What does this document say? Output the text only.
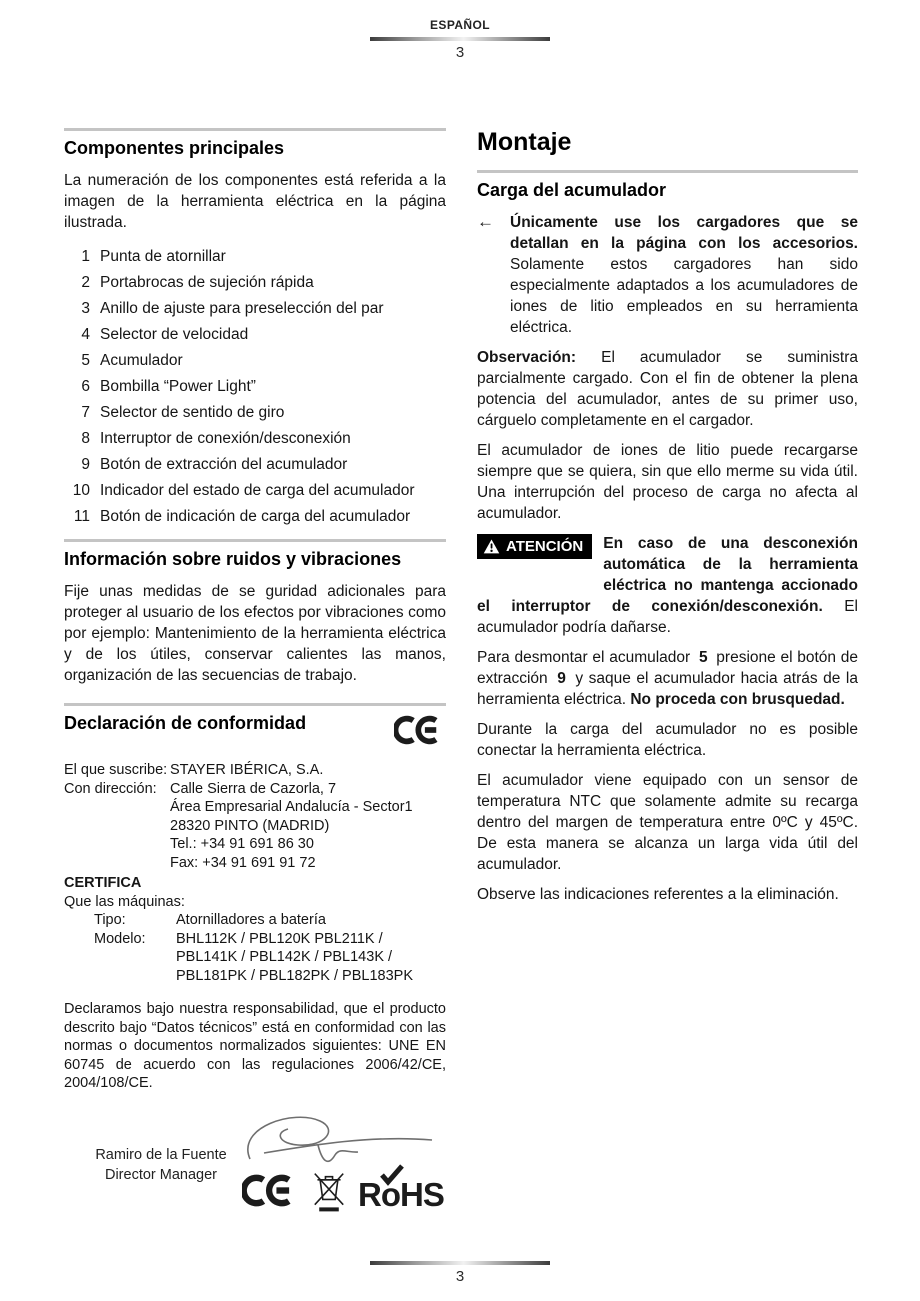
ESPAÑOL
3
Componentes principales

La numeración de los componentes está referida a la imagen de la herramienta eléctrica en la página ilustrada.

1 Punta de atornillar
2 Portabrocas de sujeción rápida
3 Anillo de ajuste para preselección del par
4 Selector de velocidad
5 Acumulador
6 Bombilla “Power Light”
7 Selector de sentido de giro
8 Interruptor de conexión/desconexión
9 Botón de extracción del acumulador
10 Indicador del estado de carga del acumulador
11 Botón de indicación de carga del acumulador
Información sobre ruidos y vibraciones

Fije unas medidas de se guridad adicionales para proteger al usuario de los efectos por vibraciones como por ejemplo: Mantenimiento de la herramienta eléctrica y de los útiles, conservar calientes las manos, organización de las secuencias de trabajo.

Declaración de conformidad
El que suscribe: STAYER IBÉRICA, S.A.
Con dirección: Calle Sierra de Cazorla, 7
Área Empresarial Andalucía - Sector1
28320 PINTO (MADRID)
Tel.: +34 91 691 86 30
Fax: +34 91 691 91 72
CERTIFICA
Que las máquinas:
Tipo:	Atornilladores a batería
Modelo:	BHL112K / PBL120K PBL211K /
PBL141K / PBL142K / PBL143K /
PBL181PK / PBL182PK / PBL183PK

Declaramos bajo nuestra responsabilidad, que el producto descrito bajo “Datos técnicos” está en conformidad con las normas o documentos normalizados siguientes: UNE EN 60745 de acuerdo con las regulaciones 2006/42/CE, 2004/108/CE.

Ramiro de la Fuente
Director Manager
R
oHS
Montaje
Carga del acumulador

← Únicamente use los cargadores que se detallan en la página con los accesorios. Solamente estos cargadores han sido especialmente adaptados a los acumuladores de iones de litio empleados en su herramienta eléctrica.

Observación: El acumulador se suministra parcialmente cargado. Con el fin de obtener la plena potencia del acumulador, antes de su primer uso, cárguelo completamente en el cargador.

El acumulador de iones de litio puede recargarse siempre que se quiera, sin que ello merme su vida útil. Una interrupción del proceso de carga no afecta al acumulador.

ATENCIÓN En caso de una desconexión automática de la herramienta eléctrica no mantenga accionado el interruptor de conexión/desconexión. El acumulador podría dañarse.

Para desmontar el acumulador 5 presione el botón de extracción 9 y saque el acumulador hacia atrás de la herramienta eléctrica. No proceda con brusquedad.

Durante la carga del acumulador no es posible conectar la herramienta eléctrica.

El acumulador viene equipado con un sensor de temperatura NTC que solamente admite su recarga dentro del margen de temperatura entre 0ºC y 45ºC. De esta manera se alcanza un larga vida útil del acumulador.

Observe las indicaciones referentes a la eliminación.

3
